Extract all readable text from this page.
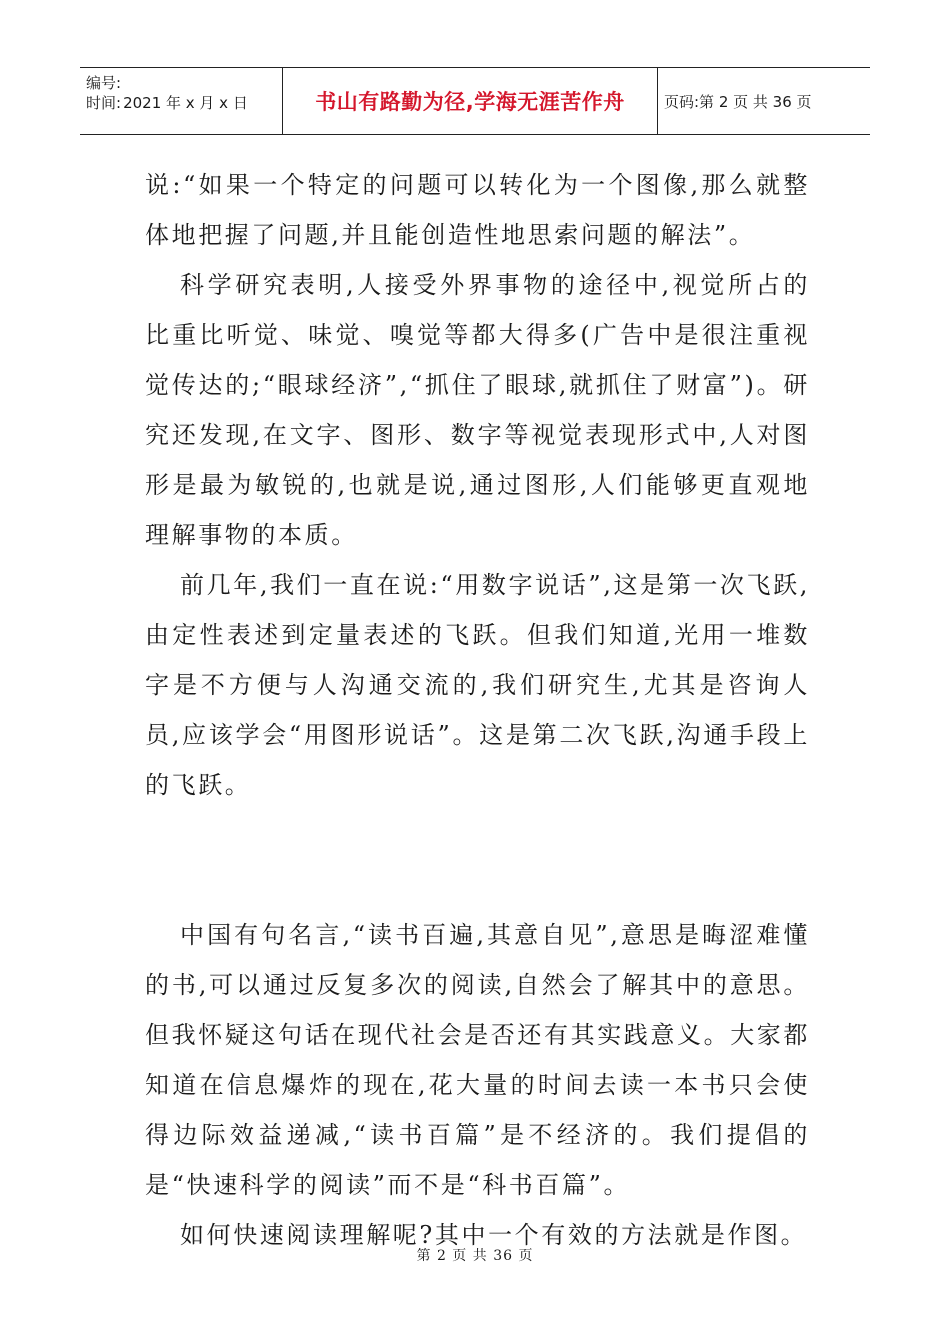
编号:
时间: 2021 年 x 月 x 日	书山有路勤为径,学海无涯苦作舟	页码:第 2 页 共 36 页

说:“如果一个特定的问题可以转化为一个图像,那么就整体地把握了问题,并且能创造性地思索问题的解法”。

科学研究表明,人接受外界事物的途径中,视觉所占的比重比听觉、味觉、嗅觉等都大得多(广告中是很注重视觉传达的;“眼球经济”,“抓住了眼球,就抓住了财富”)。研究还发现,在文字、图形、数字等视觉表现形式中,人对图形是最为敏锐的,也就是说,通过图形,人们能够更直观地理解事物的本质。

前几年,我们一直在说:“用数字说话”,这是第一次飞跃,由定性表述到定量表述的飞跃。但我们知道,光用一堆数字是不方便与人沟通交流的,我们研究生,尤其是咨询人员,应该学会“用图形说话”。这是第二次飞跃,沟通手段上的飞跃。

中国有句名言,“读书百遍,其意自见”,意思是晦涩难懂的书,可以通过反复多次的阅读,自然会了解其中的意思。但我怀疑这句话在现代社会是否还有其实践意义。大家都知道在信息爆炸的现在,花大量的时间去读一本书只会使得边际效益递减,“读书百篇”是不经济的。我们提倡的是“快速科学的阅读”而不是“科书百篇”。

如何快速阅读理解呢?其中一个有效的方法就是作图。

第 2 页 共 36 页
